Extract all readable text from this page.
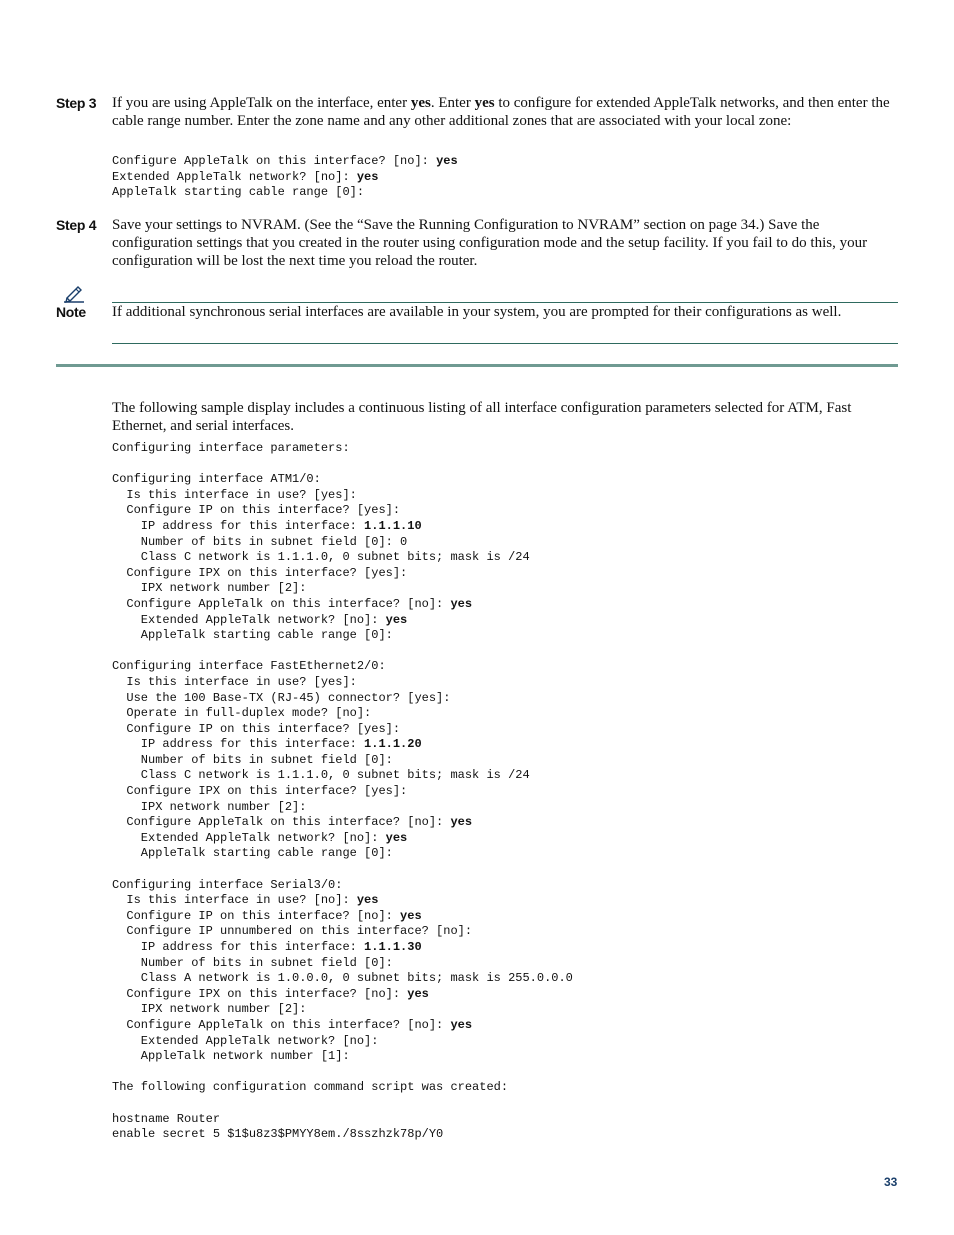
Step 3 If you are using AppleTalk on the interface, enter yes. Enter yes to configure for extended AppleTalk networks, and then enter the cable range number. Enter the zone name and any other additional zones that are associated with your local zone:
Configure AppleTalk on this interface? [no]: yes
Extended AppleTalk network? [no]: yes
AppleTalk starting cable range [0]:
Step 4 Save your settings to NVRAM. (See the “Save the Running Configuration to NVRAM” section on page 34.) Save the configuration settings that you created in the router using configuration mode and the setup facility. If you fail to do this, your configuration will be lost the next time you reload the router.
Note If additional synchronous serial interfaces are available in your system, you are prompted for their configurations as well.
The following sample display includes a continuous listing of all interface configuration parameters selected for ATM, Fast Ethernet, and serial interfaces.
Configuring interface parameters:

Configuring interface ATM1/0:
Is this interface in use? [yes]:
Configure IP on this interface? [yes]:
IP address for this interface: 1.1.1.10
Number of bits in subnet field [0]: 0
Class C network is 1.1.1.0, 0 subnet bits; mask is /24
Configure IPX on this interface? [yes]:
IPX network number [2]:
Configure AppleTalk on this interface? [no]: yes
Extended AppleTalk network? [no]: yes
AppleTalk starting cable range [0]:

Configuring interface FastEthernet2/0:
Is this interface in use? [yes]:
Use the 100 Base-TX (RJ-45) connector? [yes]:
Operate in full-duplex mode? [no]:
Configure IP on this interface? [yes]:
IP address for this interface: 1.1.1.20
Number of bits in subnet field [0]:
Class C network is 1.1.1.0, 0 subnet bits; mask is /24
Configure IPX on this interface? [yes]:
IPX network number [2]:
Configure AppleTalk on this interface? [no]: yes
Extended AppleTalk network? [no]: yes
AppleTalk starting cable range [0]:

Configuring interface Serial3/0:
Is this interface in use? [no]: yes
Configure IP on this interface? [no]: yes
Configure IP unnumbered on this interface? [no]:
IP address for this interface: 1.1.1.30
Number of bits in subnet field [0]:
Class A network is 1.0.0.0, 0 subnet bits; mask is 255.0.0.0
Configure IPX on this interface? [no]: yes
IPX network number [2]:
Configure AppleTalk on this interface? [no]: yes
Extended AppleTalk network? [no]:
AppleTalk network number [1]:

The following configuration command script was created:

hostname Router
enable secret 5 $1$u8z3$PMYY8em./8sszhzk78p/Y0
33
